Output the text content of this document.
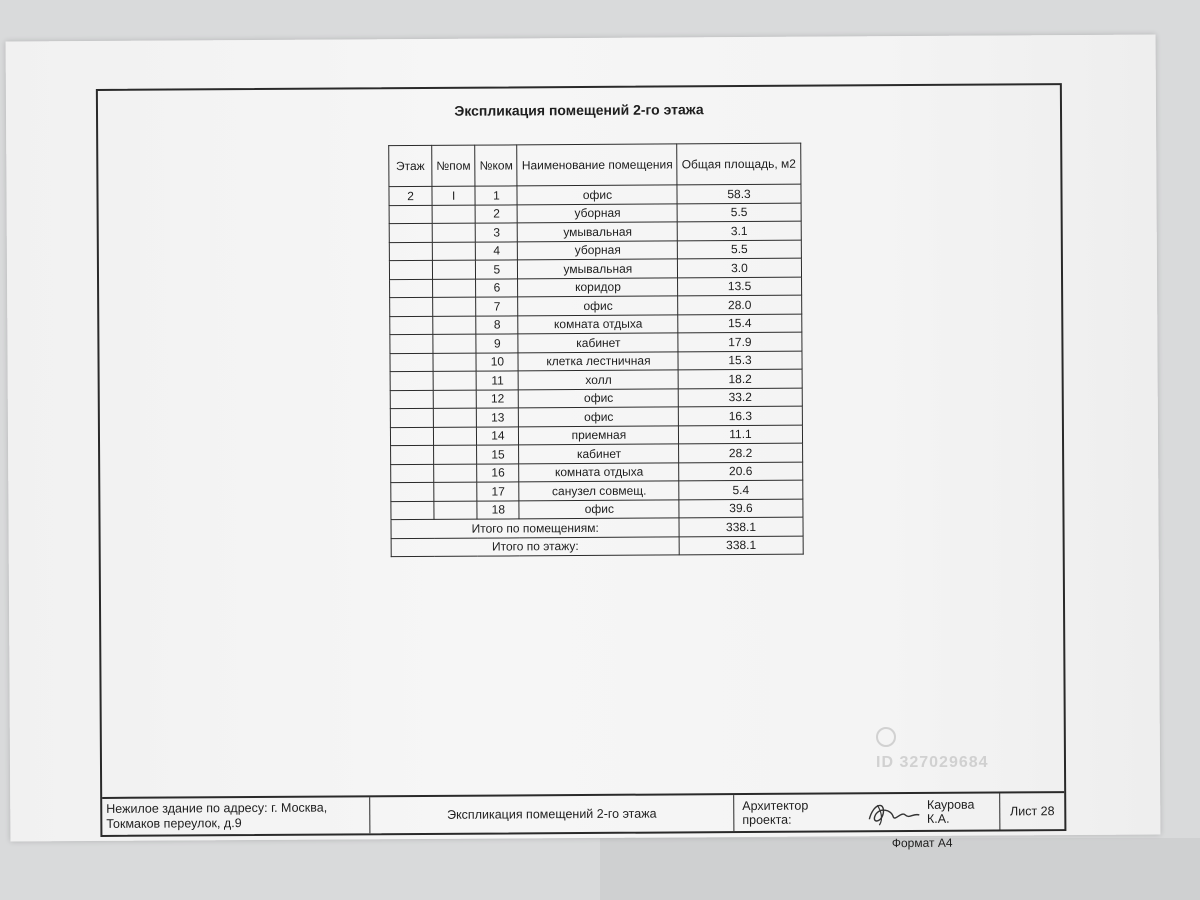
Экспликация помещений 2-го этажа
Этаж	№пом	№ком	Наименование помещения	Общая площадь, м2
2	I	1	офис	58.3
		2	уборная	5.5
		3	умывальная	3.1
		4	уборная	5.5
		5	умывальная	3.0
		6	коридор	13.5
		7	офис	28.0
		8	комната отдыха	15.4
		9	кабинет	17.9
		10	клетка лестничная	15.3
		11	холл	18.2
		12	офис	33.2
		13	офис	16.3
		14	приемная	11.1
		15	кабинет	28.2
		16	комната отдыха	20.6
		17	санузел совмещ.	5.4
		18	офис	39.6
Итого по помещениям:				338.1
Итого по этажу:				338.1
Нежилое здание по адресу: г. Москва,
Токмаков переулок, д.9
Экспликация помещений 2-го этажа
Архитектор проекта:
Каурова К.А.
Лист 28
Формат А4
ID 327029684
